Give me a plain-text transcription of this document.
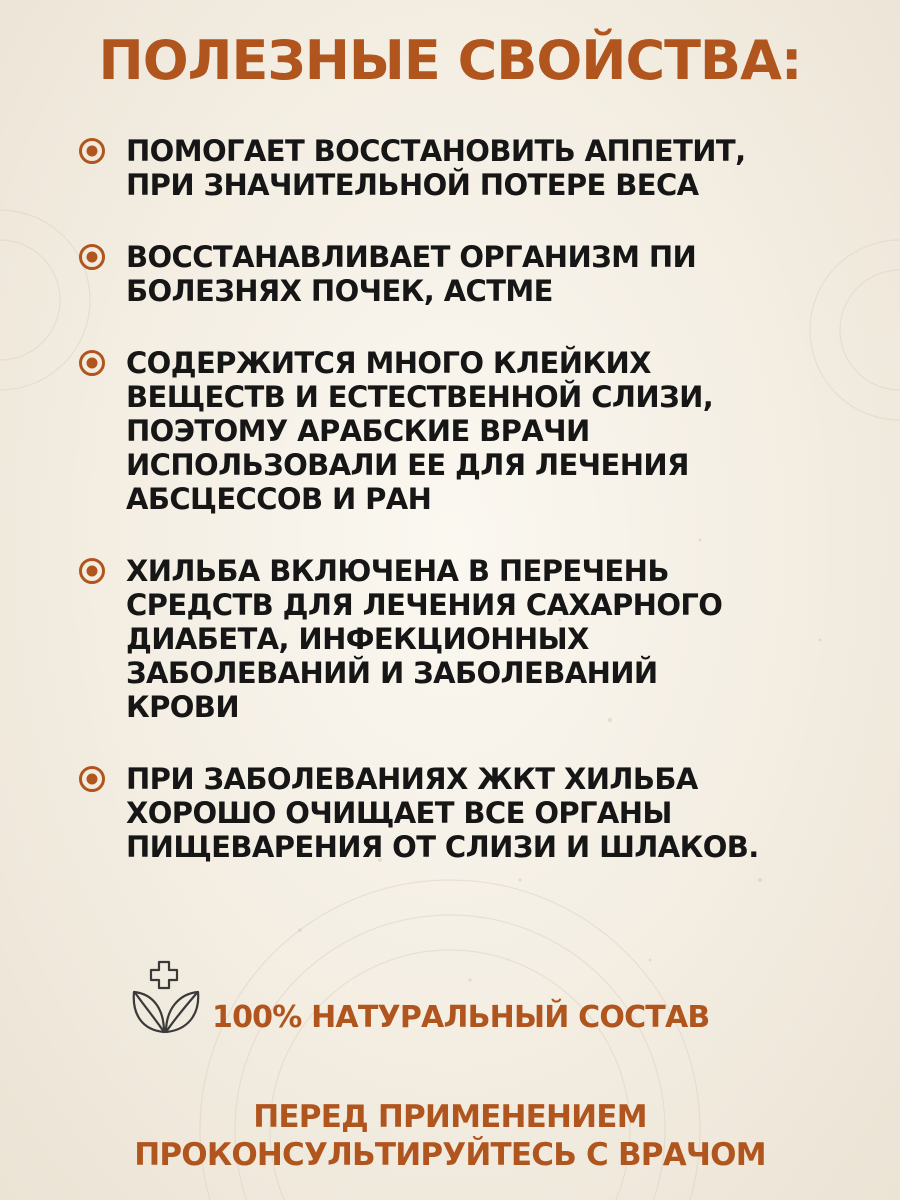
ПОЛЕЗНЫЕ СВОЙСТВА:
ПОМОГАЕТ ВОССТАНОВИТЬ АППЕТИТ,
ПРИ ЗНАЧИТЕЛЬНОЙ ПОТЕРЕ ВЕСА
ВОССТАНАВЛИВАЕТ ОРГАНИЗМ ПИ
БОЛЕЗНЯХ ПОЧЕК, АСТМЕ
СОДЕРЖИТСЯ МНОГО КЛЕЙКИХ
ВЕЩЕСТВ И ЕСТЕСТВЕННОЙ СЛИЗИ,
ПОЭТОМУ АРАБСКИЕ ВРАЧИ
ИСПОЛЬЗОВАЛИ ЕЕ ДЛЯ ЛЕЧЕНИЯ
АБСЦЕССОВ И РАН
ХИЛЬБА ВКЛЮЧЕНА В ПЕРЕЧЕНЬ
СРЕДСТВ ДЛЯ ЛЕЧЕНИЯ САХАРНОГО
ДИАБЕТА, ИНФЕКЦИОННЫХ
ЗАБОЛЕВАНИЙ И ЗАБОЛЕВАНИЙ
КРОВИ
ПРИ ЗАБОЛЕВАНИЯХ ЖКТ ХИЛЬБА
ХОРОШО ОЧИЩАЕТ ВСЕ ОРГАНЫ
ПИЩЕВАРЕНИЯ ОТ СЛИЗИ И ШЛАКОВ.
100% НАТУРАЛЬНЫЙ СОСТАВ
ПЕРЕД ПРИМЕНЕНИЕМ
ПРОКОНСУЛЬТИРУЙТЕСЬ С ВРАЧОМ
